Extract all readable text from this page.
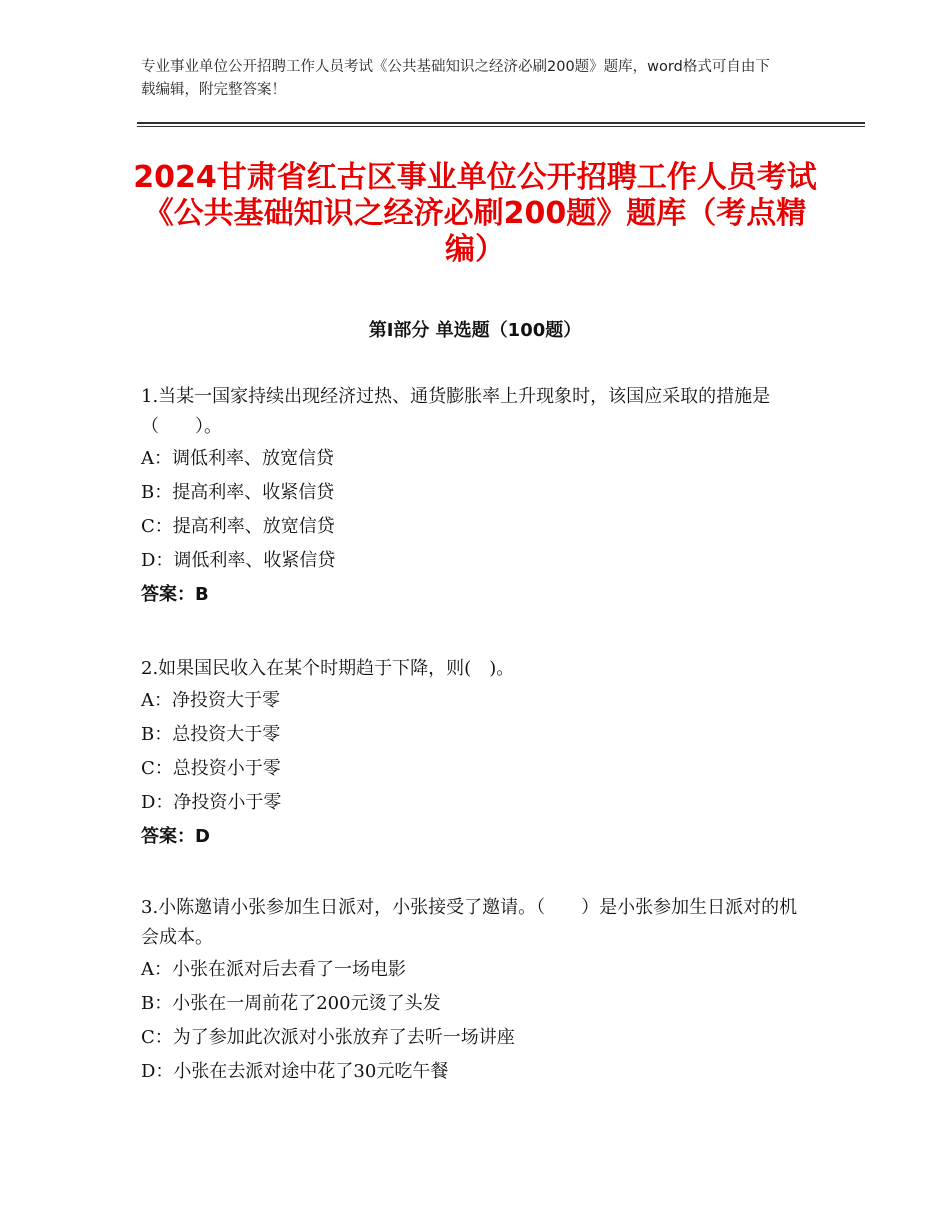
专业事业单位公开招聘工作人员考试《公共基础知识之经济必刷200题》题库，word格式可自由下载编辑，附完整答案！
2024甘肃省红古区事业单位公开招聘工作人员考试《公共基础知识之经济必刷200题》题库（考点精编）
第Ⅰ部分 单选题（100题）

1.当某一国家持续出现经济过热、通货膨胀率上升现象时，该国应采取的措施是（　　）。

A：调低利率、放宽信贷

B：提高利率、收紧信贷

C：提高利率、放宽信贷

D：调低利率、收紧信贷

答案：B

2.如果国民收入在某个时期趋于下降，则(　)。

A：净投资大于零

B：总投资大于零

C：总投资小于零

D：净投资小于零

答案：D

3.小陈邀请小张参加生日派对，小张接受了邀请。（　　）是小张参加生日派对的机会成本。

A：小张在派对后去看了一场电影

B：小张在一周前花了200元烫了头发

C：为了参加此次派对小张放弃了去听一场讲座

D：小张在去派对途中花了30元吃午餐
